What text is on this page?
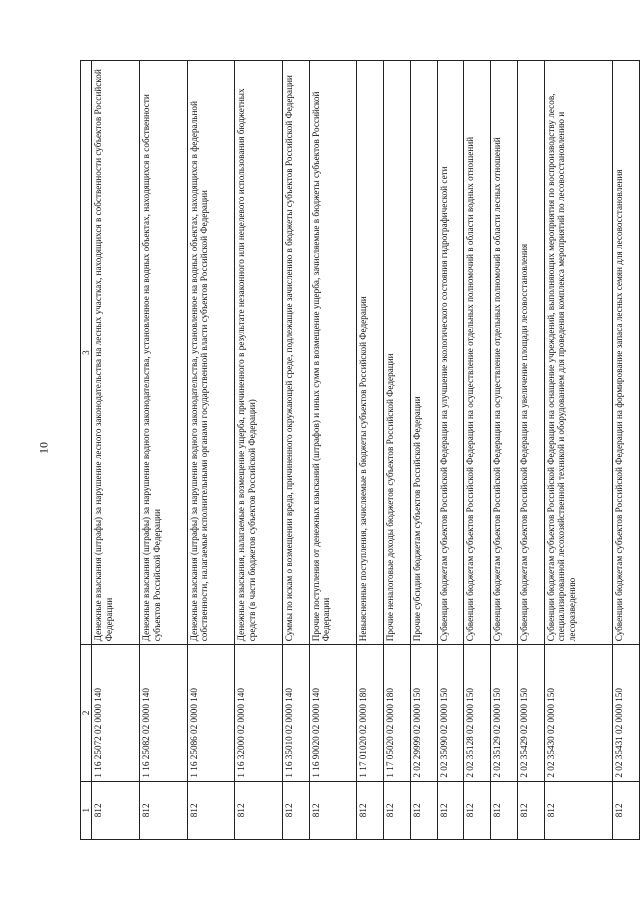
10
1	2	3
812	1 16 25072 02 0000 140	Денежные взыскания (штрафы) за нарушение лесного законодательства на лесных участках, находящихся в собственности субъектов Российской Федерации
812	1 16 25082 02 0000 140	Денежные взыскания (штрафы) за нарушение водного законодательства, установленное на водных объектах, находящихся в собственности субъектов Российской Федерации
812	1 16 25086 02 0000 140	Денежные взыскания (штрафы) за нарушение водного законодательства, установленное на водных объектах, находящихся в федеральной собственности, налагаемые исполнительными органами государственной власти субъектов Российской Федерации
812	1 16 32000 02 0000 140	Денежные взыскания, налагаемые в возмещение ущерба, причиненного в результате незаконного или нецелевого использования бюджетных средств (в части бюджетов субъектов Российской Федерации)
812	1 16 35010 02 0000 140	Суммы по искам о возмещении вреда, причиненного окружающей среде, подлежащие зачислению в бюджеты субъектов Российской Федерации
812	1 16 90020 02 0000 140	Прочие поступления от денежных взысканий (штрафов) и иных сумм в возмещение ущерба, зачисляемые в бюджеты субъектов Российской Федерации
812	1 17 01020 02 0000 180	Невыясненные поступления, зачисляемые в бюджеты субъектов Российской Федерации
812	1 17 05020 02 0000 180	Прочие неналоговые доходы бюджетов субъектов Российской Федерации
812	2 02 29999 02 0000 150	Прочие субсидии бюджетам субъектов Российской Федерации
812	2 02 35090 02 0000 150	Субвенции бюджетам субъектов Российской Федерации на улучшение экологического состояния гидрографической сети
812	2 02 35128 02 0000 150	Субвенции бюджетам субъектов Российской Федерации на осуществление отдельных полномочий в области водных отношений
812	2 02 35129 02 0000 150	Субвенции бюджетам субъектов Российской Федерации на осуществление отдельных полномочий в области лесных отношений
812	2 02 35429 02 0000 150	Субвенции бюджетам субъектов Российской Федерации на увеличение площади лесовосстановления
812	2 02 35430 02 0000 150	Субвенции бюджетам субъектов Российской Федерации на оснащение учреждений, выполняющих мероприятия по воспроизводству лесов, специализированной лесохозяйственной техникой и оборудованием для проведения комплекса мероприятий по лесовосстановлению и лесоразведению
812	2 02 35431 02 0000 150	Субвенции бюджетам субъектов Российской Федерации на формирование запаса лесных семян для лесовосстановления
